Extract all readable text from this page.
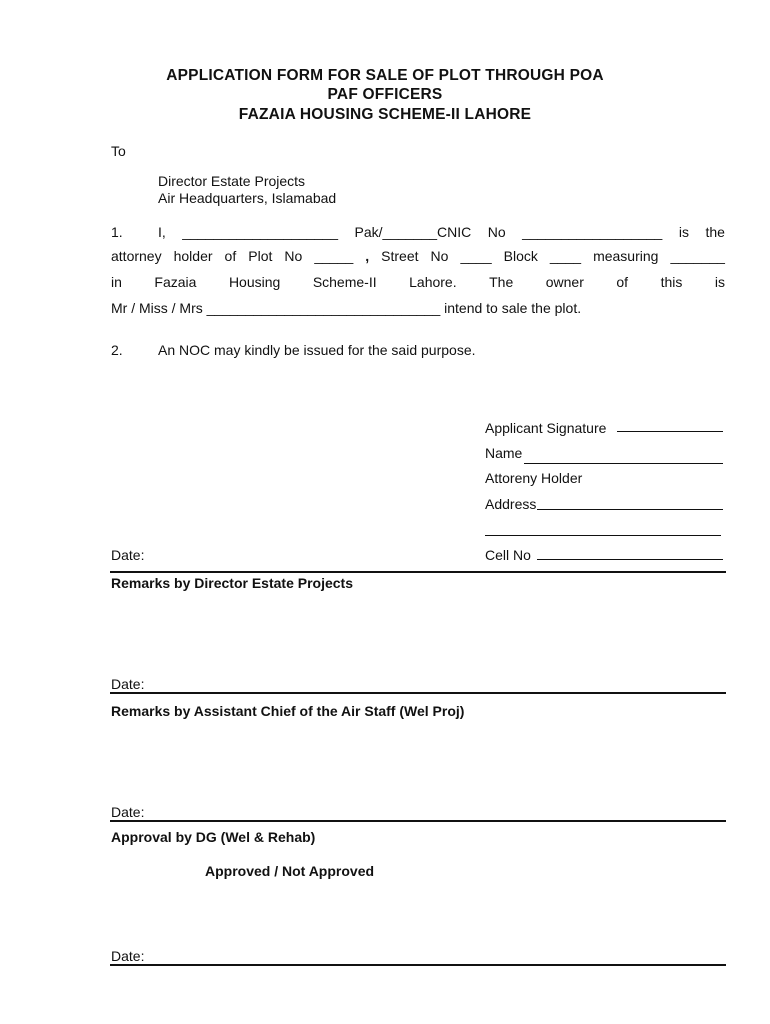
APPLICATION FORM FOR SALE OF PLOT THROUGH POA
PAF OFFICERS
FAZAIA HOUSING SCHEME-II LAHORE
To
Director Estate Projects
Air Headquarters, Islamabad
1.	I, ____________________ Pak/_______CNIC No __________________ is the
attorney holder of Plot No _____ , Street No ____ Block ____ measuring _______
in Fazaia Housing Scheme-II Lahore. The owner of this is
Mr / Miss / Mrs ______________________________ intend to sale the plot.
2.	An NOC may kindly be issued for the said purpose.
Applicant Signature
Name
Attoreny Holder
Address
Date:	Cell No
Remarks by Director Estate Projects
Date:
Remarks by Assistant Chief of the Air Staff (Wel Proj)
Date:
Approval by DG (Wel & Rehab)
Approved / Not Approved
Date:
